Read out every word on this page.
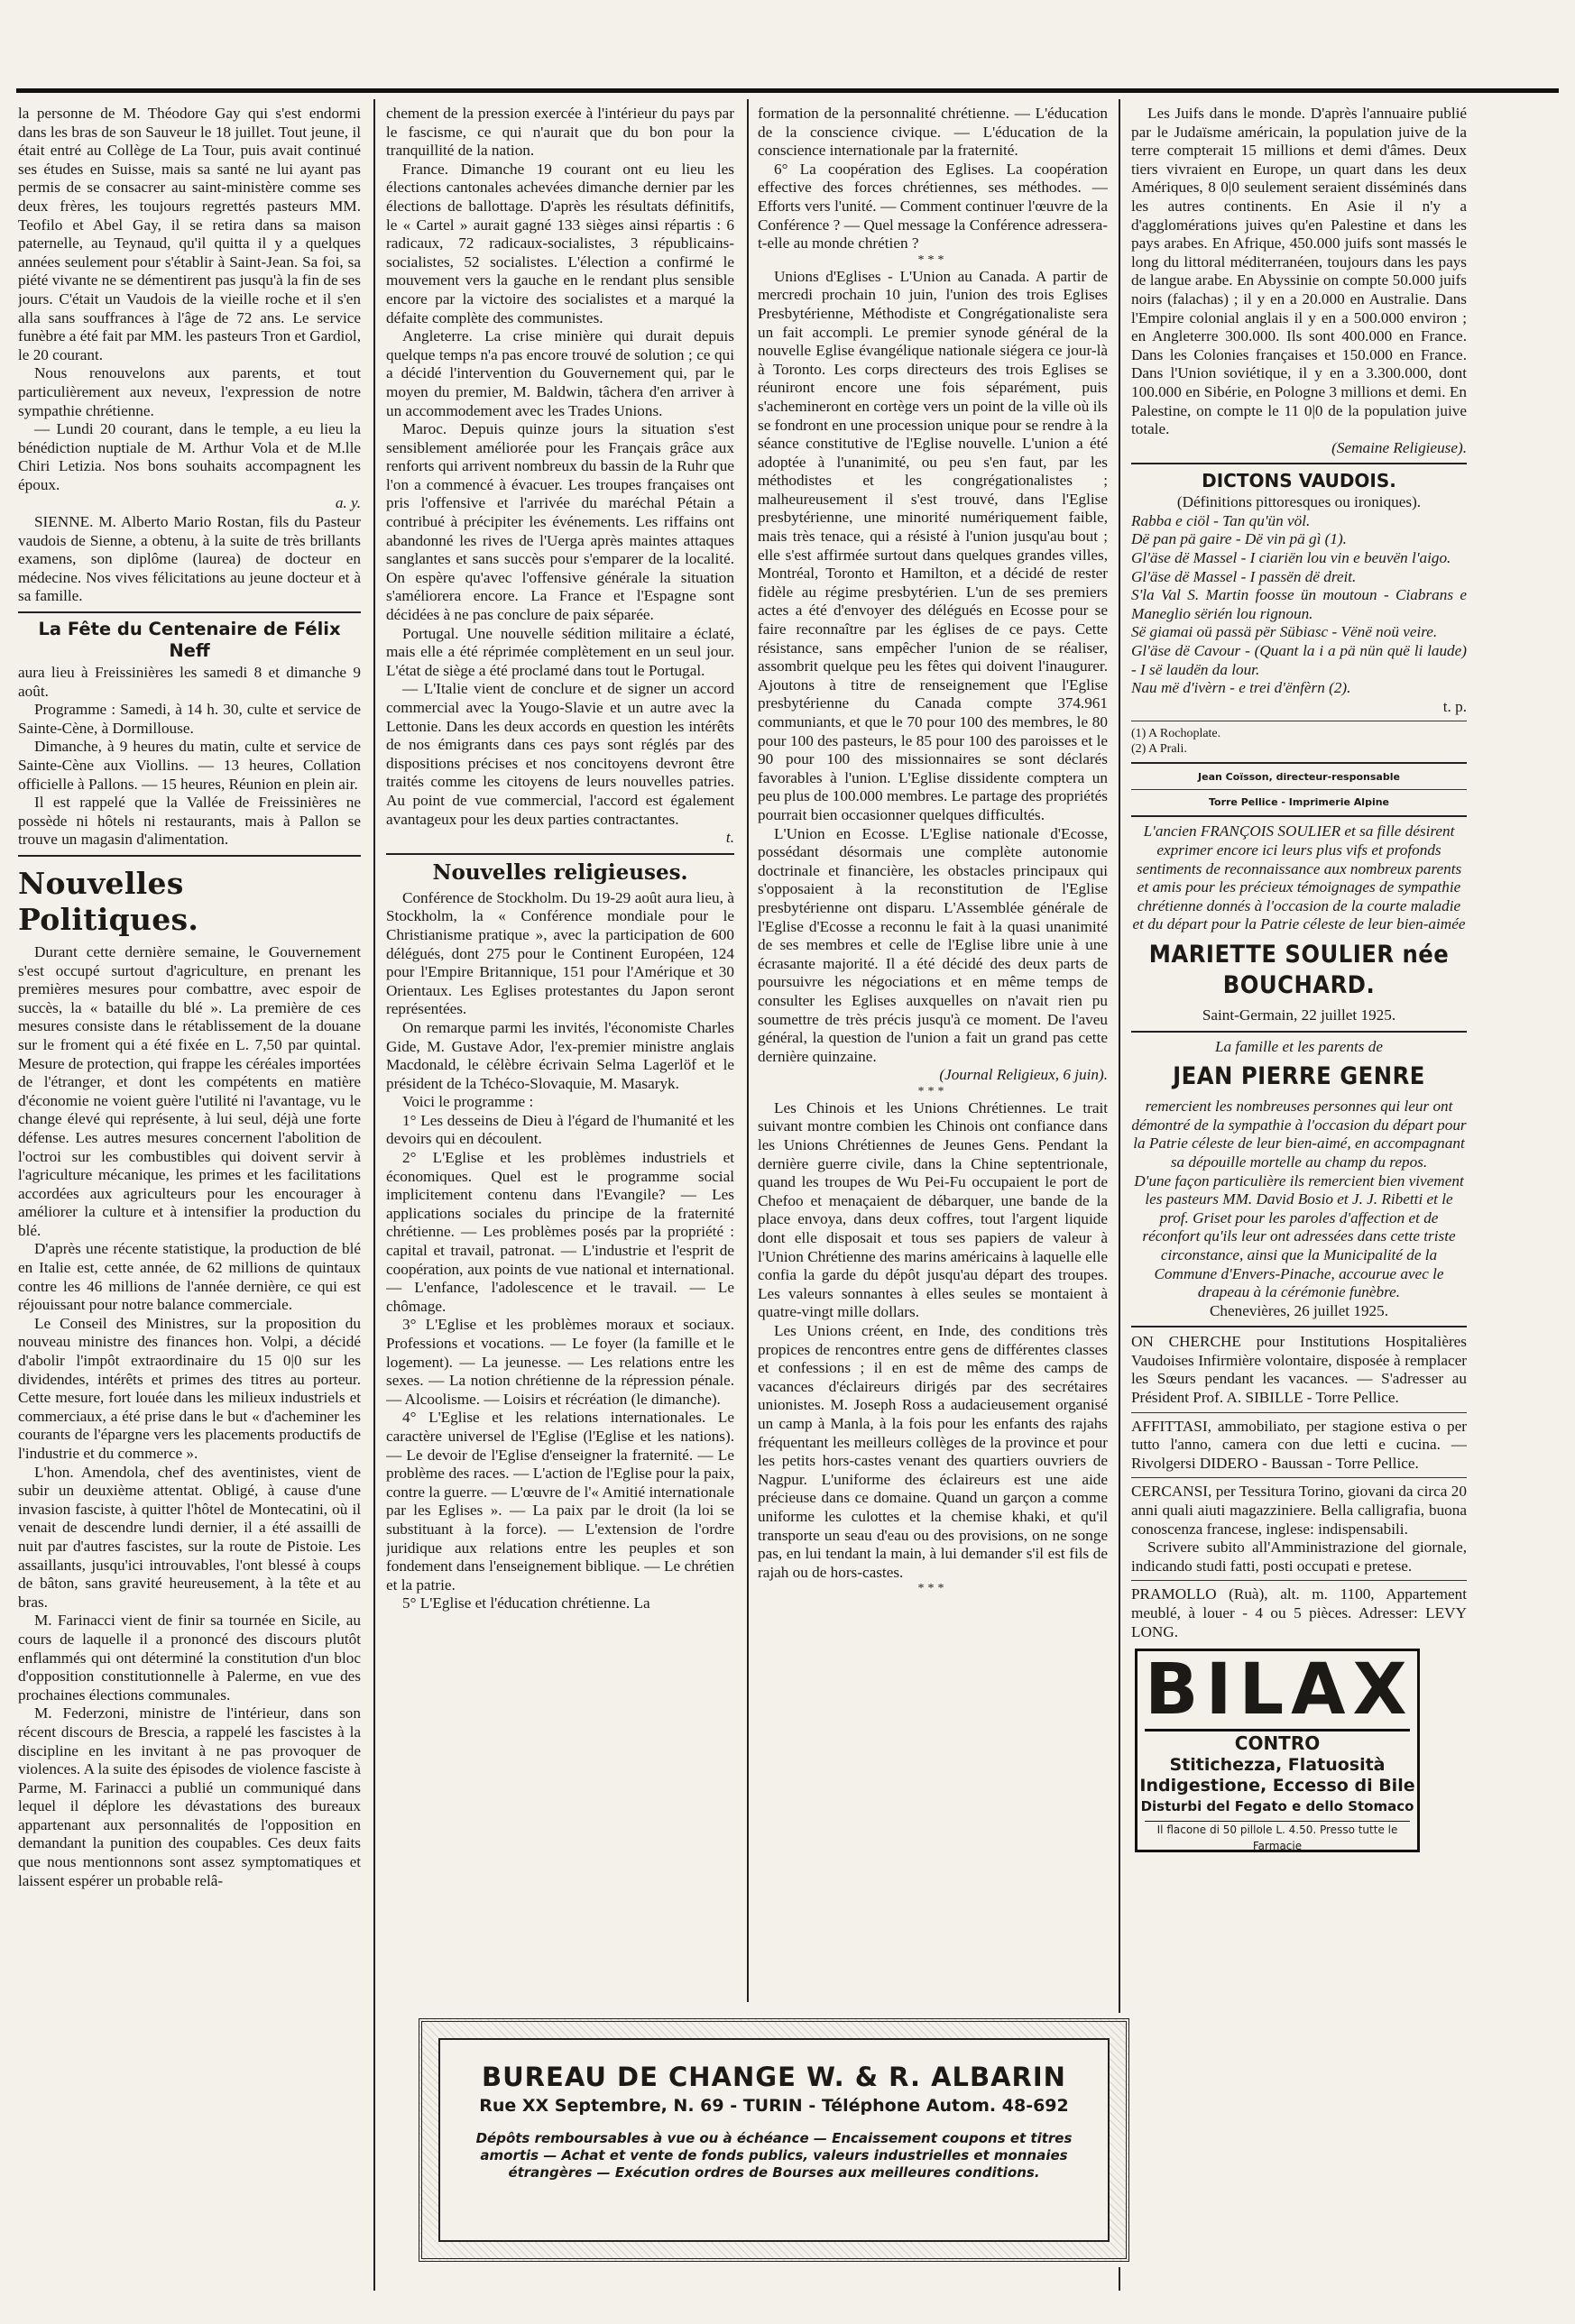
la personne de M. Théodore Gay qui s'est endormi dans les bras de son Sauveur le 18 juillet. Tout jeune, il était entré au Collège de La Tour, puis avait continué ses études en Suisse, mais sa santé ne lui ayant pas permis de se consacrer au saint-ministère comme ses deux frères, les toujours regrettés pasteurs MM. Teofilo et Abel Gay, il se retira dans sa maison paternelle, au Teynaud, qu'il quitta il y a quelques années seulement pour s'établir à Saint-Jean. Sa foi, sa piété vivante ne se démentirent pas jusqu'à la fin de ses jours. C'était un Vaudois de la vieille roche et il s'en alla sans souffrances à l'âge de 72 ans. Le service funèbre a été fait par MM. les pasteurs Tron et Gardiol, le 20 courant.

Nous renouvelons aux parents, et tout particulièrement aux neveux, l'expression de notre sympathie chrétienne.

— Lundi 20 courant, dans le temple, a eu lieu la bénédiction nuptiale de M. Arthur Vola et de M.lle Chiri Letizia. Nos bons souhaits accompagnent les époux.

a. y.

SIENNE. M. Alberto Mario Rostan, fils du Pasteur vaudois de Sienne, a obtenu, à la suite de très brillants examens, son diplôme (laurea) de docteur en médecine. Nos vives félicitations au jeune docteur et à sa famille.

La Fête du Centenaire de Félix Neff

aura lieu à Freissinières les samedi 8 et dimanche 9 août.

Programme : Samedi, à 14 h. 30, culte et service de Sainte-Cène, à Dormillouse.

Dimanche, à 9 heures du matin, culte et service de Sainte-Cène aux Viollins. — 13 heures, Collation officielle à Pallons. — 15 heures, Réunion en plein air.

Il est rappelé que la Vallée de Freissinières ne possède ni hôtels ni restaurants, mais à Pallon se trouve un magasin d'alimentation.

Nouvelles Politiques.

Durant cette dernière semaine, le Gouvernement s'est occupé surtout d'agriculture, en prenant les premières mesures pour combattre, avec espoir de succès, la « bataille du blé ». La première de ces mesures consiste dans le rétablissement de la douane sur le froment qui a été fixée en L. 7,50 par quintal. Mesure de protection, qui frappe les céréales importées de l'étranger, et dont les compétents en matière d'économie ne voient guère l'utilité ni l'avantage, vu le change élevé qui représente, à lui seul, déjà une forte défense. Les autres mesures concernent l'abolition de l'octroi sur les combustibles qui doivent servir à l'agriculture mécanique, les primes et les facilitations accordées aux agriculteurs pour les encourager à améliorer la culture et à intensifier la production du blé.

D'après une récente statistique, la production de blé en Italie est, cette année, de 62 millions de quintaux contre les 46 millions de l'année dernière, ce qui est réjouissant pour notre balance commerciale.

Le Conseil des Ministres, sur la proposition du nouveau ministre des finances hon. Volpi, a décidé d'abolir l'impôt extraordinaire du 15 0|0 sur les dividendes, intérêts et primes des titres au porteur. Cette mesure, fort louée dans les milieux industriels et commerciaux, a été prise dans le but « d'acheminer les courants de l'épargne vers les placements productifs de l'industrie et du commerce ».

L'hon. Amendola, chef des aventinistes, vient de subir un deuxième attentat. Obligé, à cause d'une invasion fasciste, à quitter l'hôtel de Montecatini, où il venait de descendre lundi dernier, il a été assailli de nuit par d'autres fascistes, sur la route de Pistoie. Les assaillants, jusqu'ici introuvables, l'ont blessé à coups de bâton, sans gravité heureusement, à la tête et au bras.

M. Farinacci vient de finir sa tournée en Sicile, au cours de laquelle il a prononcé des discours plutôt enflammés qui ont déterminé la constitution d'un bloc d'opposition constitutionnelle à Palerme, en vue des prochaines élections communales.

M. Federzoni, ministre de l'intérieur, dans son récent discours de Brescia, a rappelé les fascistes à la discipline en les invitant à ne pas provoquer de violences. A la suite des épisodes de violence fasciste à Parme, M. Farinacci a publié un communiqué dans lequel il déplore les dévastations des bureaux appartenant aux personnalités de l'opposition en demandant la punition des coupables. Ces deux faits que nous mentionnons sont assez symptomatiques et laissent espérer un probable relâ-

chement de la pression exercée à l'intérieur du pays par le fascisme, ce qui n'aurait que du bon pour la tranquillité de la nation.

France. Dimanche 19 courant ont eu lieu les élections cantonales achevées dimanche dernier par les élections de ballottage. D'après les résultats définitifs, le « Cartel » aurait gagné 133 sièges ainsi répartis : 6 radicaux, 72 radicaux-socialistes, 3 républicains-socialistes, 52 socialistes. L'élection a confirmé le mouvement vers la gauche en le rendant plus sensible encore par la victoire des socialistes et a marqué la défaite complète des communistes.

Angleterre. La crise minière qui durait depuis quelque temps n'a pas encore trouvé de solution ; ce qui a décidé l'intervention du Gouvernement qui, par le moyen du premier, M. Baldwin, tâchera d'en arriver à un accommodement avec les Trades Unions.

Maroc. Depuis quinze jours la situation s'est sensiblement améliorée pour les Français grâce aux renforts qui arrivent nombreux du bassin de la Ruhr que l'on a commencé à évacuer. Les troupes françaises ont pris l'offensive et l'arrivée du maréchal Pétain a contribué à précipiter les événements. Les riffains ont abandonné les rives de l'Uerga après maintes attaques sanglantes et sans succès pour s'emparer de la localité. On espère qu'avec l'offensive générale la situation s'améliorera encore. La France et l'Espagne sont décidées à ne pas conclure de paix séparée.

Portugal. Une nouvelle sédition militaire a éclaté, mais elle a été réprimée complètement en un seul jour. L'état de siège a été proclamé dans tout le Portugal.

— L'Italie vient de conclure et de signer un accord commercial avec la Yougo-Slavie et un autre avec la Lettonie. Dans les deux accords en question les intérêts de nos émigrants dans ces pays sont réglés par des dispositions précises et nos concitoyens devront être traités comme les citoyens de leurs nouvelles patries. Au point de vue commercial, l'accord est également avantageux pour les deux parties contractantes.

t.

Nouvelles religieuses.

Conférence de Stockholm. Du 19-29 août aura lieu, à Stockholm, la « Conférence mondiale pour le Christianisme pratique », avec la participation de 600 délégués, dont 275 pour le Continent Européen, 124 pour l'Empire Britannique, 151 pour l'Amérique et 30 Orientaux. Les Eglises protestantes du Japon seront représentées.

On remarque parmi les invités, l'économiste Charles Gide, M. Gustave Ador, l'ex-premier ministre anglais Macdonald, le célèbre écrivain Selma Lagerlöf et le président de la Tchéco-Slovaquie, M. Masaryk.

Voici le programme :

1° Les desseins de Dieu à l'égard de l'humanité et les devoirs qui en découlent.

2° L'Eglise et les problèmes industriels et économiques. Quel est le programme social implicitement contenu dans l'Evangile? — Les applications sociales du principe de la fraternité chrétienne. — Les problèmes posés par la propriété : capital et travail, patronat. — L'industrie et l'esprit de coopération, aux points de vue national et international. — L'enfance, l'adolescence et le travail. — Le chômage.

3° L'Eglise et les problèmes moraux et sociaux. Professions et vocations. — Le foyer (la famille et le logement). — La jeunesse. — Les relations entre les sexes. — La notion chrétienne de la répression pénale. — Alcoolisme. — Loisirs et récréation (le dimanche).

4° L'Eglise et les relations internationales. Le caractère universel de l'Eglise (l'Eglise et les nations). — Le devoir de l'Eglise d'enseigner la fraternité. — Le problème des races. — L'action de l'Eglise pour la paix, contre la guerre. — L'œuvre de l'« Amitié internationale par les Eglises ». — La paix par le droit (la loi se substituant à la force). — L'extension de l'ordre juridique aux relations entre les peuples et son fondement dans l'enseignement biblique. — Le chrétien et la patrie.

5° L'Eglise et l'éducation chrétienne. La

formation de la personnalité chrétienne. — L'éducation de la conscience civique. — L'éducation de la conscience internationale par la fraternité.

6° La coopération des Eglises. La coopération effective des forces chrétiennes, ses méthodes. — Efforts vers l'unité. — Comment continuer l'œuvre de la Conférence ? — Quel message la Conférence adressera-t-elle au monde chrétien ?

***

Unions d'Eglises - L'Union au Canada. A partir de mercredi prochain 10 juin, l'union des trois Eglises Presbytérienne, Méthodiste et Congrégationaliste sera un fait accompli. Le premier synode général de la nouvelle Eglise évangélique nationale siégera ce jour-là à Toronto. Les corps directeurs des trois Eglises se réuniront encore une fois séparément, puis s'achemineront en cortège vers un point de la ville où ils se fondront en une procession unique pour se rendre à la séance constitutive de l'Eglise nouvelle. L'union a été adoptée à l'unanimité, ou peu s'en faut, par les méthodistes et les congrégationalistes ; malheureusement il s'est trouvé, dans l'Eglise presbytérienne, une minorité numériquement faible, mais très tenace, qui a résisté à l'union jusqu'au bout ; elle s'est affirmée surtout dans quelques grandes villes, Montréal, Toronto et Hamilton, et a décidé de rester fidèle au régime presbytérien. L'un de ses premiers actes a été d'envoyer des délégués en Ecosse pour se faire reconnaître par les églises de ce pays. Cette résistance, sans empêcher l'union de se réaliser, assombrit quelque peu les fêtes qui doivent l'inaugurer. Ajoutons à titre de renseignement que l'Eglise presbytérienne du Canada compte 374.961 communiants, et que le 70 pour 100 des membres, le 80 pour 100 des pasteurs, le 85 pour 100 des paroisses et le 90 pour 100 des missionnaires se sont déclarés favorables à l'union. L'Eglise dissidente comptera un peu plus de 100.000 membres. Le partage des propriétés pourrait bien occasionner quelques difficultés.

L'Union en Ecosse. L'Eglise nationale d'Ecosse, possédant désormais une complète autonomie doctrinale et financière, les obstacles principaux qui s'opposaient à la reconstitution de l'Eglise presbytérienne ont disparu. L'Assemblée générale de l'Eglise d'Ecosse a reconnu le fait à la quasi unanimité de ses membres et celle de l'Eglise libre unie à une écrasante majorité. Il a été décidé des deux parts de poursuivre les négociations et en même temps de consulter les Eglises auxquelles on n'avait rien pu soumettre de très précis jusqu'à ce moment. De l'aveu général, la question de l'union a fait un grand pas cette dernière quinzaine.

(Journal Religieux, 6 juin).

***

Les Chinois et les Unions Chrétiennes. Le trait suivant montre combien les Chinois ont confiance dans les Unions Chrétiennes de Jeunes Gens. Pendant la dernière guerre civile, dans la Chine septentrionale, quand les troupes de Wu Pei-Fu occupaient le port de Chefoo et menaçaient de débarquer, une bande de la place envoya, dans deux coffres, tout l'argent liquide dont elle disposait et tous ses papiers de valeur à l'Union Chrétienne des marins américains à laquelle elle confia la garde du dépôt jusqu'au départ des troupes. Les valeurs sonnantes à elles seules se montaient à quatre-vingt mille dollars.

Les Unions créent, en Inde, des conditions très propices de rencontres entre gens de différentes classes et confessions ; il en est de même des camps de vacances d'éclaireurs dirigés par des secrétaires unionistes. M. Joseph Ross a audacieusement organisé un camp à Manla, à la fois pour les enfants des rajahs fréquentant les meilleurs collèges de la province et pour les petits hors-castes venant des quartiers ouvriers de Nagpur. L'uniforme des éclaireurs est une aide précieuse dans ce domaine. Quand un garçon a comme uniforme les culottes et la chemise khaki, et qu'il transporte un seau d'eau ou des provisions, on ne songe pas, en lui tendant la main, à lui demander s'il est fils de rajah ou de hors-castes.

***

Les Juifs dans le monde. D'après l'annuaire publié par le Judaïsme américain, la population juive de la terre compterait 15 millions et demi d'âmes. Deux tiers vivraient en Europe, un quart dans les deux Amériques, 8 0|0 seulement seraient disséminés dans les autres continents. En Asie il n'y a d'agglomérations juives qu'en Palestine et dans les pays arabes. En Afrique, 450.000 juifs sont massés le long du littoral méditerranéen, toujours dans les pays de langue arabe. En Abyssinie on compte 50.000 juifs noirs (falachas) ; il y en a 20.000 en Australie. Dans l'Empire colonial anglais il y en a 500.000 environ ; en Angleterre 300.000. Ils sont 400.000 en France. Dans les Colonies françaises et 150.000 en France. Dans l'Union soviétique, il y en a 3.300.000, dont 100.000 en Sibérie, en Pologne 3 millions et demi. En Palestine, on compte le 11 0|0 de la population juive totale.

(Semaine Religieuse).

DICTONS VAUDOIS.

(Définitions pittoresques ou ironiques).

Rabba e ciöl - Tan qu'ün völ.

Dë pan pä gaire - Dë vin pä gì (1).

Gl'äse dë Massel - I ciariën lou vin e beuvën l'aigo.

Gl'äse dë Massel - I passën dë dreit.

S'la Val S. Martin foosse ün moutoun - Ciabrans e Maneglio sërién lou rignoun.

Së giamai oü passä për Sübiasc - Vënë noü veire.

Gl'äse dë Cavour - (Quant la i a pä nün quë li laude) - I së laudën da lour.

Nau më d'ivèrn - e trei d'ënfèrn (2).

t. p.

(1) A Rochoplate.

(2) A Prali.

Jean Coïsson, directeur-responsable

Torre Pellice - Imprimerie Alpine

L'ancien FRANÇOIS SOULIER et sa fille désirent exprimer encore ici leurs plus vifs et profonds sentiments de reconnaissance aux nombreux parents et amis pour les précieux témoignages de sympathie chrétienne donnés à l'occasion de la courte maladie et du départ pour la Patrie céleste de leur bien-aimée

MARIETTE SOULIER née BOUCHARD.

Saint-Germain, 22 juillet 1925.

La famille et les parents de

JEAN PIERRE GENRE

remercient les nombreuses personnes qui leur ont démontré de la sympathie à l'occasion du départ pour la Patrie céleste de leur bien-aimé, en accompagnant sa dépouille mortelle au champ du repos.

D'une façon particulière ils remercient bien vivement les pasteurs MM. David Bosio et J. J. Ribetti et le prof. Griset pour les paroles d'affection et de réconfort qu'ils leur ont adressées dans cette triste circonstance, ainsi que la Municipalité de la Commune d'Envers-Pinache, accourue avec le drapeau à la cérémonie funèbre.

Chenevières, 26 juillet 1925.

ON CHERCHE pour Institutions Hospitalières Vaudoises Infirmière volontaire, disposée à remplacer les Sœurs pendant les vacances. — S'adresser au Président Prof. A. SIBILLE - Torre Pellice.

AFFITTASI, ammobiliato, per stagione estiva o per tutto l'anno, camera con due letti e cucina. — Rivolgersi DIDERO - Baussan - Torre Pellice.

CERCANSI, per Tessitura Torino, giovani da circa 20 anni quali aiuti magazziniere. Bella calligrafia, buona conoscenza francese, inglese: indispensabili.

Scrivere subito all'Amministrazione del giornale, indicando studi fatti, posti occupati e pretese.

PRAMOLLO (Ruà), alt. m. 1100, Appartement meublé, à louer - 4 ou 5 pièces. Adresser: LEVY LONG.

BILAX
CONTRO
Stitichezza, Flatuosità
Indigestione, Eccesso di Bile
Disturbi del Fegato e dello Stomaco
Il flacone di 50 pillole L. 4.50. Presso tutte le Farmacie
BUREAU DE CHANGE W. & R. ALBARIN
Rue XX Septembre, N. 69 - TURIN - Téléphone Autom. 48-692
Dépôts remboursables à vue ou à échéance — Encaissement coupons et titres amortis — Achat et vente de fonds publics, valeurs industrielles et monnaies étrangères — Exécution ordres de Bourses aux meilleures conditions.
